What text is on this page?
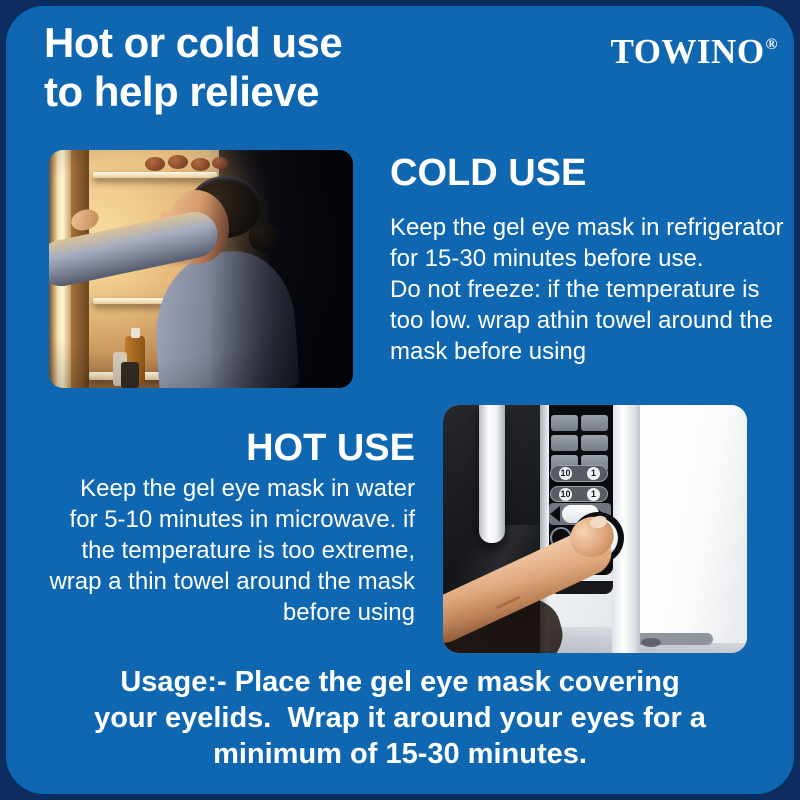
Hot or cold use
to help relieve
TOWINO®
COLD USE
Keep the gel eye mask in refrigerator
for 15-30 minutes before use.
Do not freeze: if the temperature is
too low. wrap athin towel around the
mask before using
HOT USE
Keep the gel eye mask in water
for 5-10 minutes in microwave. if
the temperature is too extreme,
wrap a thin towel around the mask
before using
10	1
10	1
Usage:- Place the gel eye mask covering
your eyelids.  Wrap it around your eyes for a
minimum of 15-30 minutes.
